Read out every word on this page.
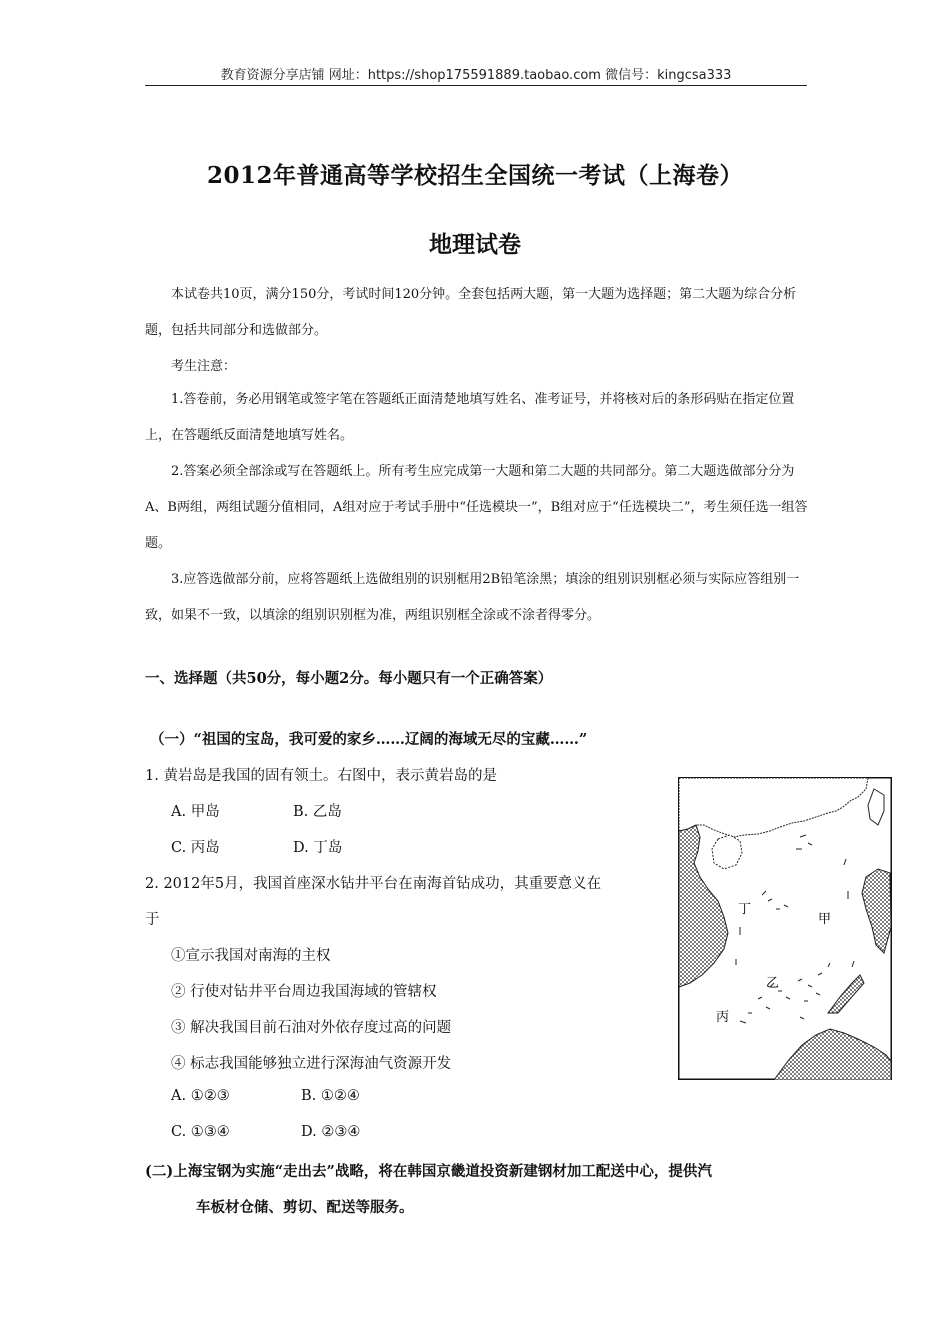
教育资源分享店铺 网址：https://shop175591889.taobao.com 微信号：kingcsa333
2012年普通高等学校招生全国统一考试（上海卷）
地理试卷
本试卷共10页，满分150分，考试时间120分钟。全套包括两大题，第一大题为选择题；第二大题为综合分析题，包括共同部分和选做部分。
考生注意：
1.答卷前，务必用钢笔或签字笔在答题纸正面清楚地填写姓名、准考证号，并将核对后的条形码贴在指定位置上，在答题纸反面清楚地填写姓名。
2.答案必须全部涂或写在答题纸上。所有考生应完成第一大题和第二大题的共同部分。第二大题选做部分分为A、B两组，两组试题分值相同，A组对应于考试手册中“任选模块一”，B组对应于“任选模块二”，考生须任选一组答题。
3.应答选做部分前，应将答题纸上选做组别的识别框用2B铅笔涂黑；填涂的组别识别框必须与实际应答组别一致，如果不一致，以填涂的组别识别框为准，两组识别框全涂或不涂者得零分。
一、选择题（共50分，每小题2分。每小题只有一个正确答案）
（一）“祖国的宝岛，我可爱的家乡……辽阔的海域无尽的宝藏……”
1. 黄岩岛是我国的固有领土。右图中，表示黄岩岛的是
A. 甲岛	B. 乙岛
C. 丙岛	D. 丁岛
2. 2012年5月，我国首座深水钻井平台在南海首钻成功，其重要意义在
于
①宣示我国对南海的主权
② 行使对钻井平台周边我国海域的管辖权
③ 解决我国目前石油对外依存度过高的问题
④ 标志我国能够独立进行深海油气资源开发
A. ①②③	B. ①②④
C. ①③④	D. ②③④
(二)上海宝钢为实施“走出去”战略，将在韩国京畿道投资新建钢材加工配送中心，提供汽
车板材仓储、剪切、配送等服务。
丁
甲
乙
丙
